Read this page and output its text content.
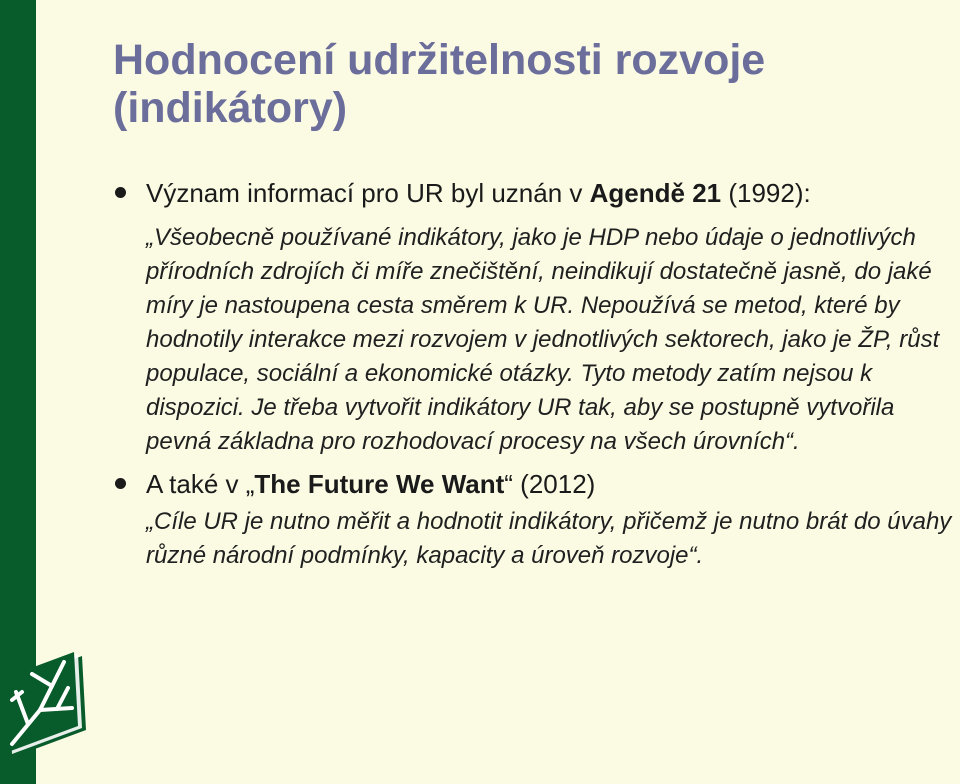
Hodnocení udržitelnosti rozvoje (indikátory)
Význam informací pro UR byl uznán v Agendě 21 (1992):
„Všeobecně používané indikátory, jako je HDP nebo údaje o jednotlivých přírodních zdrojích či míře znečištění, neindikují dostatečně jasně, do jaké míry je nastoupena cesta směrem k UR. Nepoužívá se metod, které by hodnotily interakce mezi rozvojem v jednotlivých sektorech, jako je ŽP, růst populace, sociální a ekonomické otázky. Tyto metody zatím nejsou k dispozici. Je třeba vytvořit indikátory UR tak, aby se postupně vytvořila pevná základna pro rozhodovací procesy na všech úrovních“.
A také v „The Future We Want“ (2012)
„Cíle UR je nutno měřit a hodnotit indikátory, přičemž je nutno brát do úvahy různé národní podmínky, kapacity a úroveň rozvoje“.
